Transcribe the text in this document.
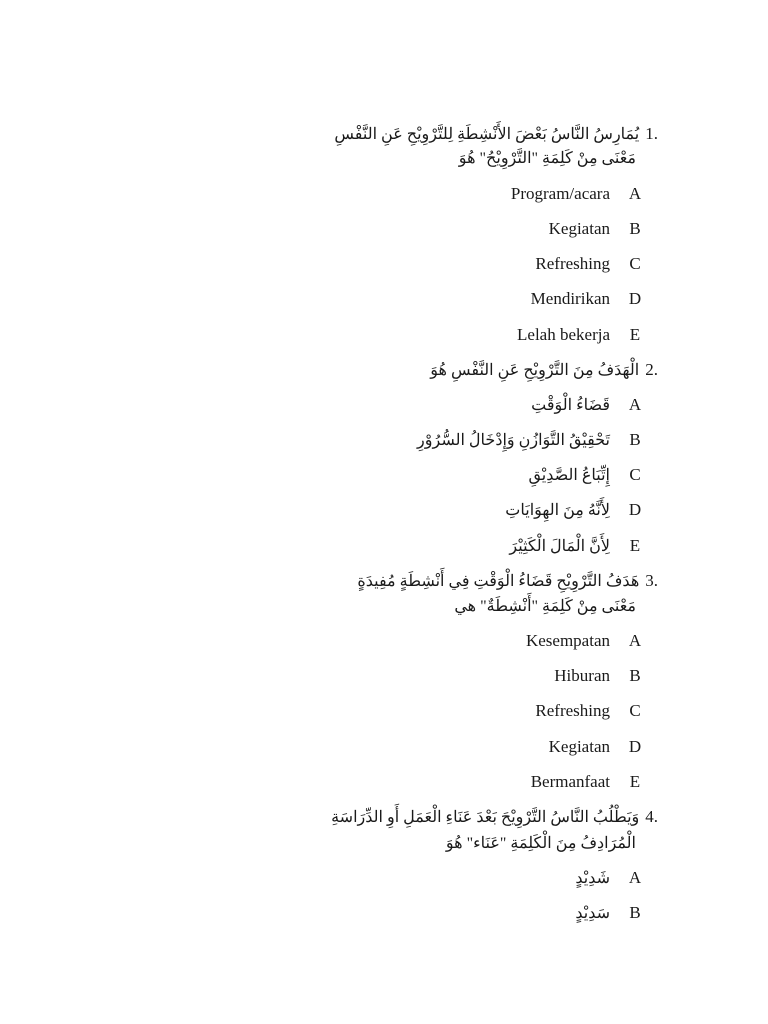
1.
يُمَارِسُ النَّاسُ بَعْضَ الأَنْشِطَةِ لِلتَّرْوِيْحِ عَنِ النَّفْسِ
مَعْنَى مِنْ كَلِمَةِ "التَّرْوِيْحُ" هُوَ
A
Program/acara
B
Kegiatan
C
Refreshing
D
Mendirikan
E
Lelah bekerja
2.
الْهَدَفُ مِنَ التَّرْوِيْحِ عَنِ النَّفْسِ هُوَ
A
قَضَاءُ الْوَقْتِ
B
تَحْقِيْقُ التَّوَازُنِ وَإِدْخَالُ السُّرُوْرِ
C
إِتِّبَاعُ الصَّدِيْقِ
D
لِأَنَّهُ مِنَ الهِوَايَاتِ
E
لِأَنَّ الْمَالَ الْكَثِيْرَ
3.
هَدَفُ التَّرْوِيْحِ قَضَاءُ الْوَقْتِ فِي أَنْشِطَةٍ مُفِيدَةٍ
مَعْنَى مِنْ كَلِمَةِ "أَنْشِطَةٌ" هي
A
Kesempatan
B
Hiburan
C
Refreshing
D
Kegiatan
E
Bermanfaat
4.
وَيَطْلُبُ النَّاسُ التَّرْوِيْحَ بَعْدَ عَنَاءِ الْعَمَلِ أَوِ الدِّرَاسَةِ
الْمُرَادِفُ مِنَ الْكَلِمَةِ "عَنَاء" هُوَ
A
شَدِيْدٍ
B
سَدِيْدٍ
